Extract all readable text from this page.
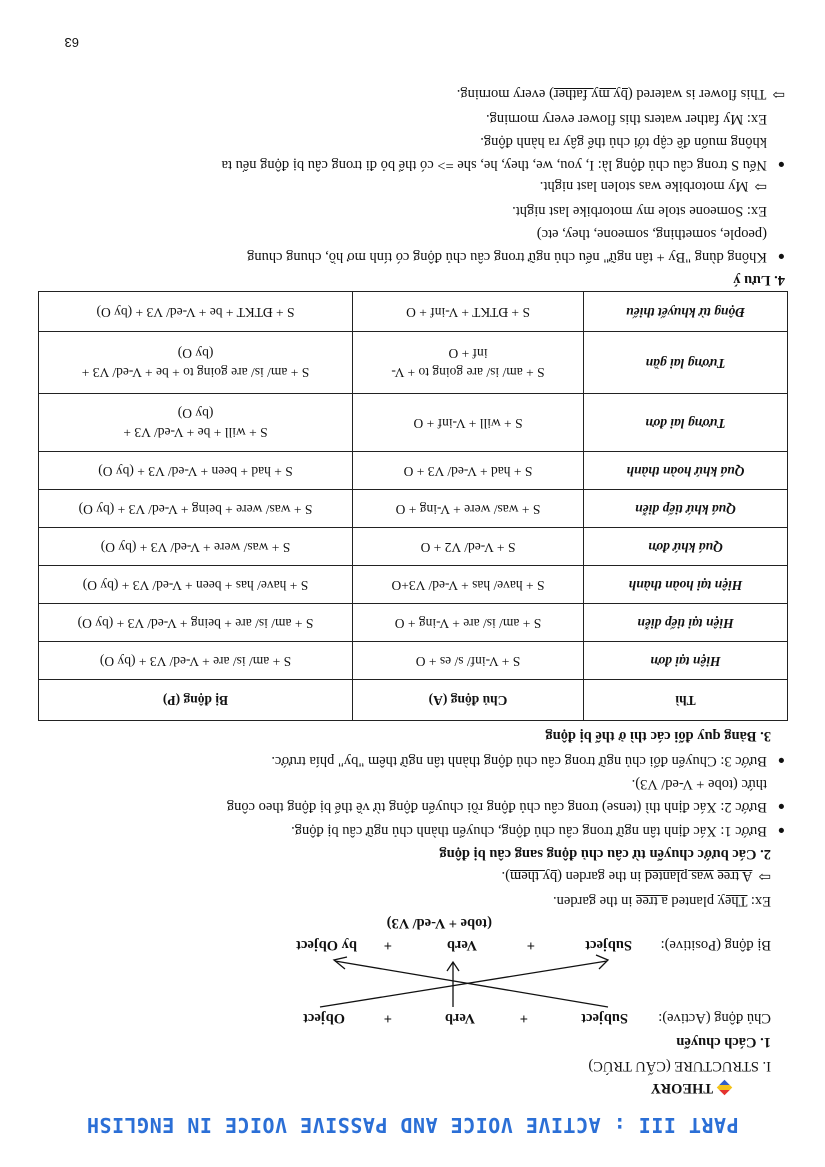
PART III : ACTIVE VOICE AND PASSIVE VOICE IN ENGLISH
THEORY
I. STRUCTURE (CẤU TRÚC)
1. Cách chuyển
Chủ động (Active):
Subject
+
Verb
+
Object
Bị động (Positive):
Subject
+
Verb
+
by Object
(tobe + V-ed/ V3)
Ex: They planted a tree in the garden.
⇨A tree was planted in the garden (by them).
2. Các bước chuyển từ câu chủ động sang câu bị động
●   Bước 1: Xác định tân ngữ trong câu chủ động, chuyển thành chủ ngữ câu bị động.
●   Bước 2: Xác định thì (tense) trong câu chủ động rồi chuyển động từ về thể bị động theo công
thức (tobe + V-ed/ V3).
●   Bước 3: Chuyển đổi chủ ngữ trong câu chủ động thành tân ngữ thêm "by" phía trước.
Thì	Chủ động (A)	Bị động (P)
Hiện tại đơn	S + V-inf/ s/ es + O	S + am/ is/ are + V-ed/ V3 + (by O)
Hiện tại tiếp diễn	S + am/ is/ are + V-ing + O	S + am/ is/ are + being + V-ed/ V3 + (by O)
Hiện tại hoàn thành	S + have/ has + V-ed/ V3+O	S + have/ has + been + V-ed/ V3 + (by O)
Quá khứ đơn	S + V-ed/ V2 + O	S + was/ were + V-ed/ V3 + (by O)
Quá khứ tiếp diễn	S + was/ were + V-ing + O	S + was/ were + being + V-ed/ V3 + (by O)
Quá khứ hoàn thành	S + had + V-ed/ V3 + O	S + had + been + V-ed/ V3 + (by O)
Tương lai đơn	S + will + V-inf + O	S + will + be + V-ed/ V3 +
(by O)
Tương lai gần	S + am/ is/ are going to + V-
inf + O	S + am/ is/ are going to + be + V-ed/ V3 +
(by O)
Động từ khuyết thiếu	S + ĐTKT + V-inf + O	S + ĐTKT + be + V-ed/ V3 + (by O)
3. Bảng quy đổi các thì ở thể bị động
4. Lưu ý
●   Không dùng "By + tân ngữ" nếu chủ ngữ trong câu chủ động có tính mơ hồ, chung chung
(people, something, someone, they, etc)
Ex: Someone stole my motorbike last night.
⇨My motorbike was stolen last night.
●   Nếu S trong câu chủ động là: I, you, we, they, he, she => có thể bỏ đi trong câu bị động nếu ta
không muốn đề cập tới chủ thể gây ra hành động.
Ex: My father waters this flower every morning.
⇨This flower is watered (by my father) every morning.
63
